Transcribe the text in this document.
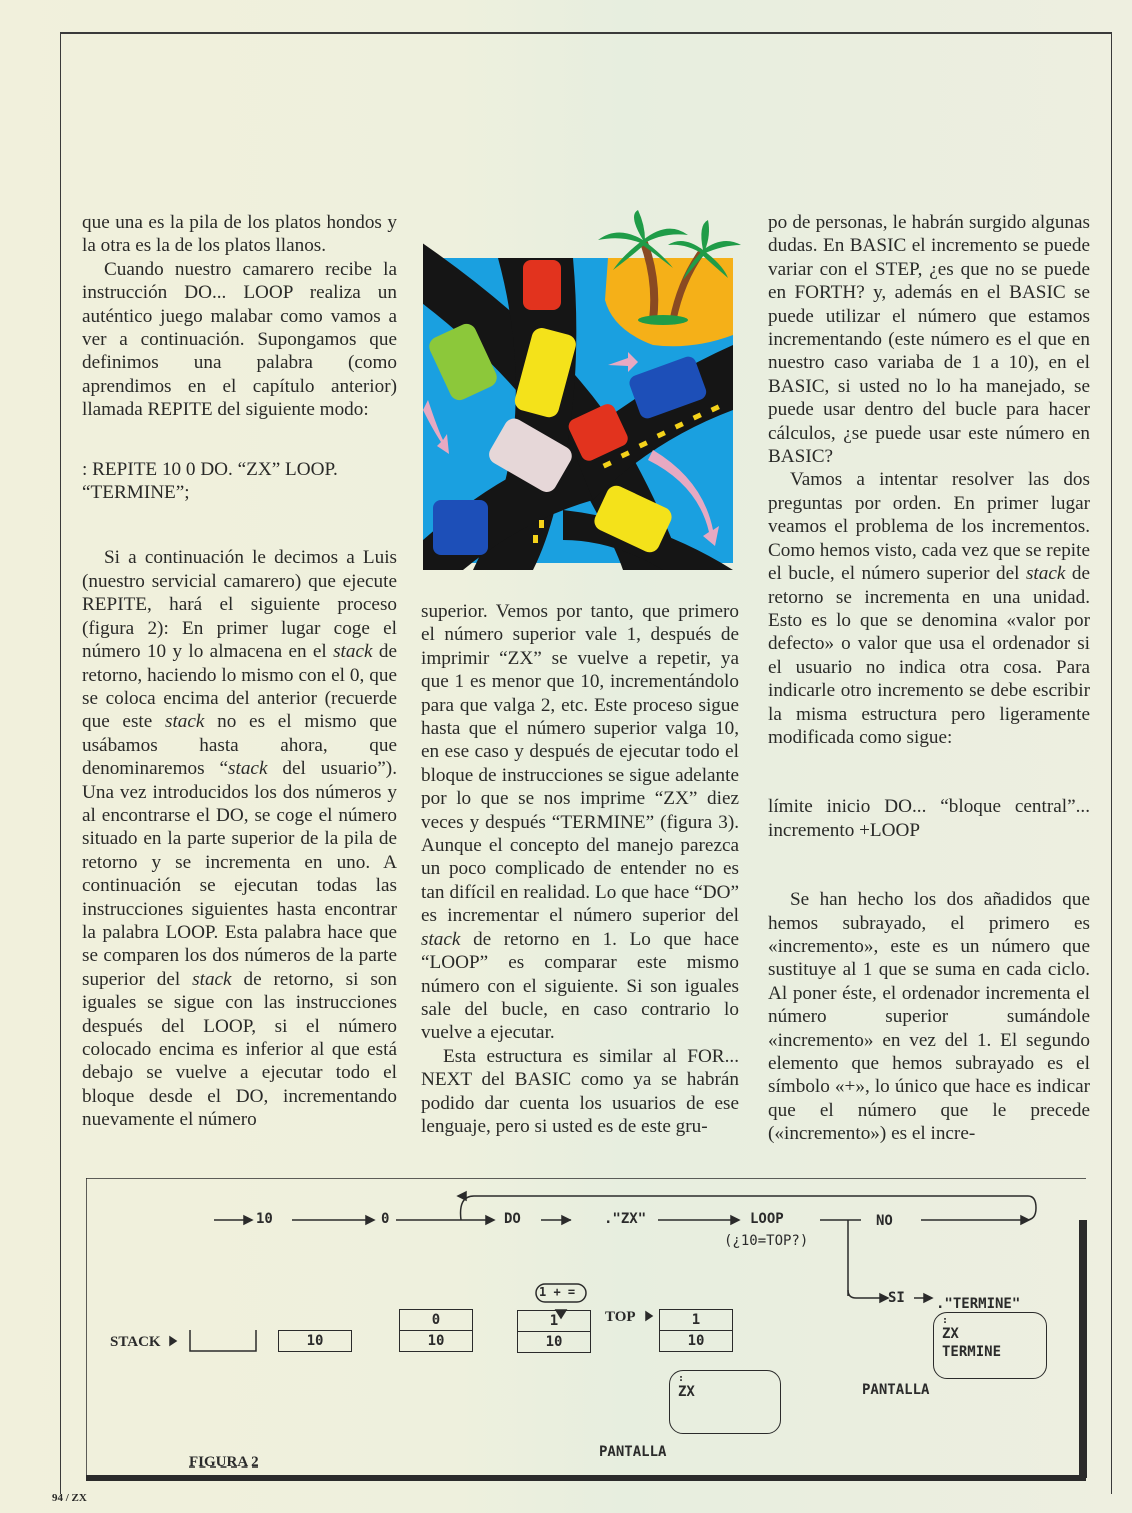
que una es la pila de los platos hondos y la otra es la de los platos llanos.

Cuando nuestro camarero recibe la instrucción DO... LOOP realiza un auténtico juego malabar como vamos a ver a continuación. Supongamos que definimos una palabra (como aprendimos en el capítulo anterior) llamada REPITE del siguiente modo:

: REPITE 10 0 DO. “ZX” LOOP. “TERMINE”;

Si a continuación le decimos a Luis (nuestro servicial camarero) que ejecute REPITE, hará el siguiente proceso (figura 2): En primer lugar coge el número 10 y lo almacena en el stack de retorno, haciendo lo mismo con el 0, que se coloca encima del anterior (recuerde que este stack no es el mismo que usábamos hasta ahora, que denominaremos “stack del usuario”). Una vez introducidos los dos números y al encontrarse el DO, se coge el número situado en la parte superior de la pila de retorno y se incrementa en uno. A continuación se ejecutan todas las instrucciones siguientes hasta encontrar la palabra LOOP. Esta palabra hace que se comparen los dos números de la parte superior del stack de retorno, si son iguales se sigue con las instrucciones después del LOOP, si el número colocado encima es inferior al que está debajo se vuelve a ejecutar todo el bloque desde el DO, incrementando nuevamente el número

superior. Vemos por tanto, que primero el número superior vale 1, después de imprimir “ZX” se vuelve a repetir, ya que 1 es menor que 10, incrementándolo para que valga 2, etc. Este proceso sigue hasta que el número superior valga 10, en ese caso y después de ejecutar todo el bloque de instrucciones se sigue adelante por lo que se nos imprime “ZX” diez veces y después “TERMINE” (figura 3). Aunque el concepto del manejo parezca un poco complicado de entender no es tan difícil en realidad. Lo que hace “DO” es incrementar el número superior del stack de retorno en 1. Lo que hace “LOOP” es comparar este mismo número con el siguiente. Si son iguales sale del bucle, en caso contrario lo vuelve a ejecutar.

Esta estructura es similar al FOR... NEXT del BASIC como ya se habrán podido dar cuenta los usuarios de ese lenguaje, pero si usted es de este gru-

po de personas, le habrán surgido algunas dudas. En BASIC el incremento se puede variar con el STEP, ¿es que no se puede en FORTH? y, además en el BASIC se puede utilizar el número que estamos incrementando (este número es el que en nuestro caso variaba de 1 a 10), en el BASIC, si usted no lo ha manejado, se puede usar dentro del bucle para hacer cálculos, ¿se puede usar este número en BASIC?

Vamos a intentar resolver las dos preguntas por orden. En primer lugar veamos el problema de los incrementos. Como hemos visto, cada vez que se repite el bucle, el número superior del stack de retorno se incrementa en una unidad. Esto es lo que se denomina «valor por defecto» o valor que usa el ordenador si el usuario no indica otra cosa. Para indicarle otro incremento se debe escribir la misma estructura pero ligeramente modificada como sigue:

límite inicio DO... “bloque central”... incremento +LOOP

Se han hecho los dos añadidos que hemos subrayado, el primero es «incremento», este es un número que sustituye al 1 que se suma en cada ciclo. Al poner éste, el ordenador incrementa el número superior sumándole «incremento» en vez del 1. El segundo elemento que hemos subrayado es el símbolo «+», lo único que hace es indicar que el número que le precede («incremento») es el incre-

10	0	DO	."ZX"	LOOP
(¿10=TOP?)
NO
SI ."TERMINE"
STACK
1 + =
TOP
10
0
10
1
10
1
10
:
ZX
PANTALLA
:
ZX
TERMINE
PANTALLA
FIGURA 2
94 / ZX
